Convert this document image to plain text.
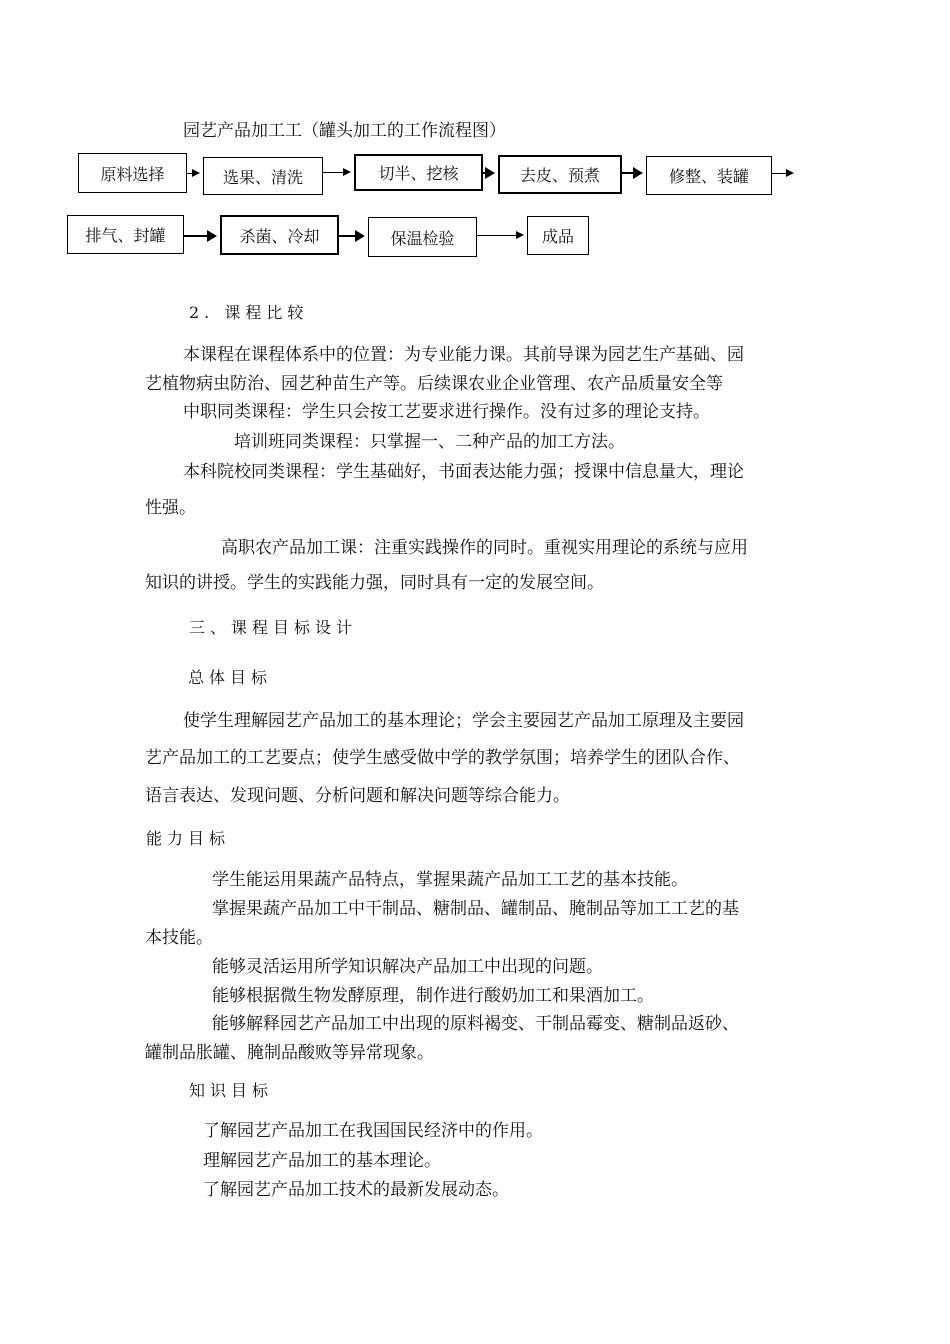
园艺产品加工工（罐头加工的工作流程图）
原料选择	选果、清洗	切半、挖核	去皮、预煮	修整、装罐
排气、封罐	杀菌、冷却	保温检验	成品
2. 课程比较
本课程在课程体系中的位置：为专业能力课。其前导课为园艺生产基础、园
艺植物病虫防治、园艺种苗生产等。后续课农业企业管理、农产品质量安全等
中职同类课程：学生只会按工艺要求进行操作。没有过多的理论支持。
培训班同类课程：只掌握一、二种产品的加工方法。
本科院校同类课程：学生基础好，书面表达能力强；授课中信息量大，理论
性强。
高职农产品加工课：注重实践操作的同时。重视实用理论的系统与应用
知识的讲授。学生的实践能力强，同时具有一定的发展空间。
三、课程目标设计
总体目标
使学生理解园艺产品加工的基本理论；学会主要园艺产品加工原理及主要园
艺产品加工的工艺要点；使学生感受做中学的教学氛围；培养学生的团队合作、
语言表达、发现问题、分析问题和解决问题等综合能力。
能力目标
学生能运用果蔬产品特点，掌握果蔬产品加工工艺的基本技能。
掌握果蔬产品加工中干制品、糖制品、罐制品、腌制品等加工工艺的基
本技能。
能够灵活运用所学知识解决产品加工中出现的问题。
能够根据微生物发酵原理，制作进行酸奶加工和果酒加工。
能够解释园艺产品加工中出现的原料褐变、干制品霉变、糖制品返砂、
罐制品胀罐、腌制品酸败等异常现象。
知识目标
了解园艺产品加工在我国国民经济中的作用。
理解园艺产品加工的基本理论。
了解园艺产品加工技术的最新发展动态。
